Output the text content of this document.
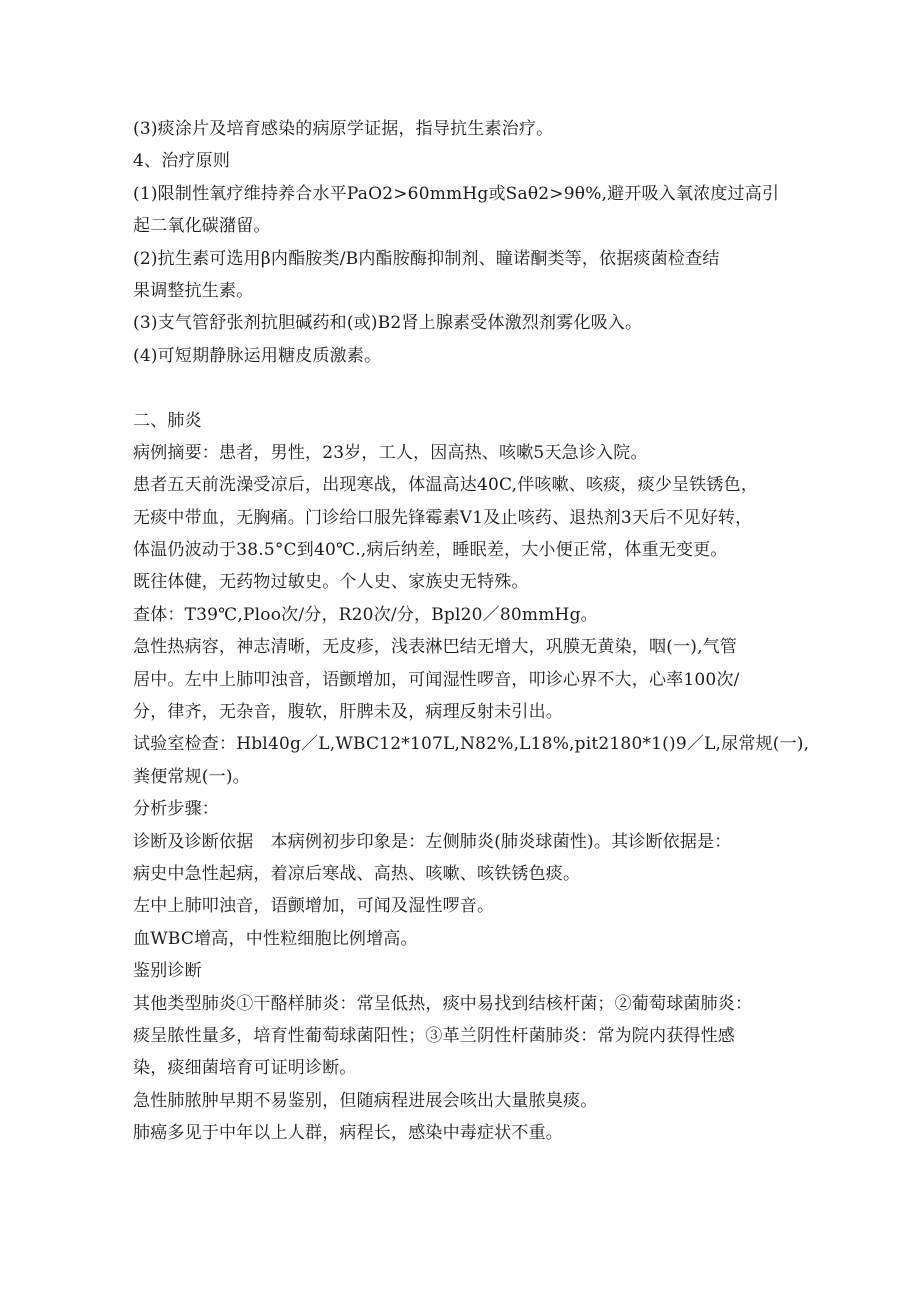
(3)痰涂片及培育感染的病原学证据，指导抗生素治疗。
4、治疗原则
(1)限制性氧疗维持养合水平PaO2>60mmHg或Saθ2>9θ%,避开吸入氧浓度过高引
起二氧化碳潴留。
(2)抗生素可选用β内酯胺类/B内酯胺酶抑制剂、瞳诺酮类等，依据痰菌检查结
果调整抗生素。
(3)支气管舒张剂抗胆碱药和(或)B2肾上腺素受体激烈剂雾化吸入。
(4)可短期静脉运用糖皮质激素。
二、肺炎
病例摘要：患者，男性，23岁，工人，因高热、咳嗽5天急诊入院。
患者五天前洗澡受凉后，出现寒战，体温高达40C,伴咳嗽、咳痰，痰少呈铁锈色，
无痰中带血，无胸痛。门诊给口服先锋霉素V1及止咳药、退热剂3天后不见好转，
体温仍波动于38.5°C到40℃.,病后纳差，睡眠差，大小便正常，体重无变更。
既往体健，无药物过敏史。个人史、家族史无特殊。
查体：T39℃,Ploo次/分，R20次/分，Bpl20／80mmHg。
急性热病容，神志清晰，无皮疹，浅表淋巴结无增大，巩膜无黄染，咽(一),气管
居中。左中上肺叩浊音，语颤增加，可闻湿性啰音，叩诊心界不大，心率100次/
分，律齐，无杂音，腹软，肝脾未及，病理反射未引出。
试验室检查：Hbl40g／L,WBC12*107L,N82%,L18%,pit2180*1()9／L,尿常规(一),
粪便常规(一)。
分析步骤：
诊断及诊断依据　本病例初步印象是：左侧肺炎(肺炎球菌性)。其诊断依据是：
病史中急性起病，着凉后寒战、高热、咳嗽、咳铁锈色痰。
左中上肺叩浊音，语颤增加，可闻及湿性啰音。
血WBC增高，中性粒细胞比例增高。
鉴别诊断
其他类型肺炎①干酪样肺炎：常呈低热，痰中易找到结核杆菌；②葡萄球菌肺炎：
痰呈脓性量多，培育性葡萄球菌阳性；③革兰阴性杆菌肺炎：常为院内获得性感
染，痰细菌培育可证明诊断。
急性肺脓肿早期不易鉴别，但随病程进展会咳出大量脓臭痰。
肺癌多见于中年以上人群，病程长，感染中毒症状不重。
